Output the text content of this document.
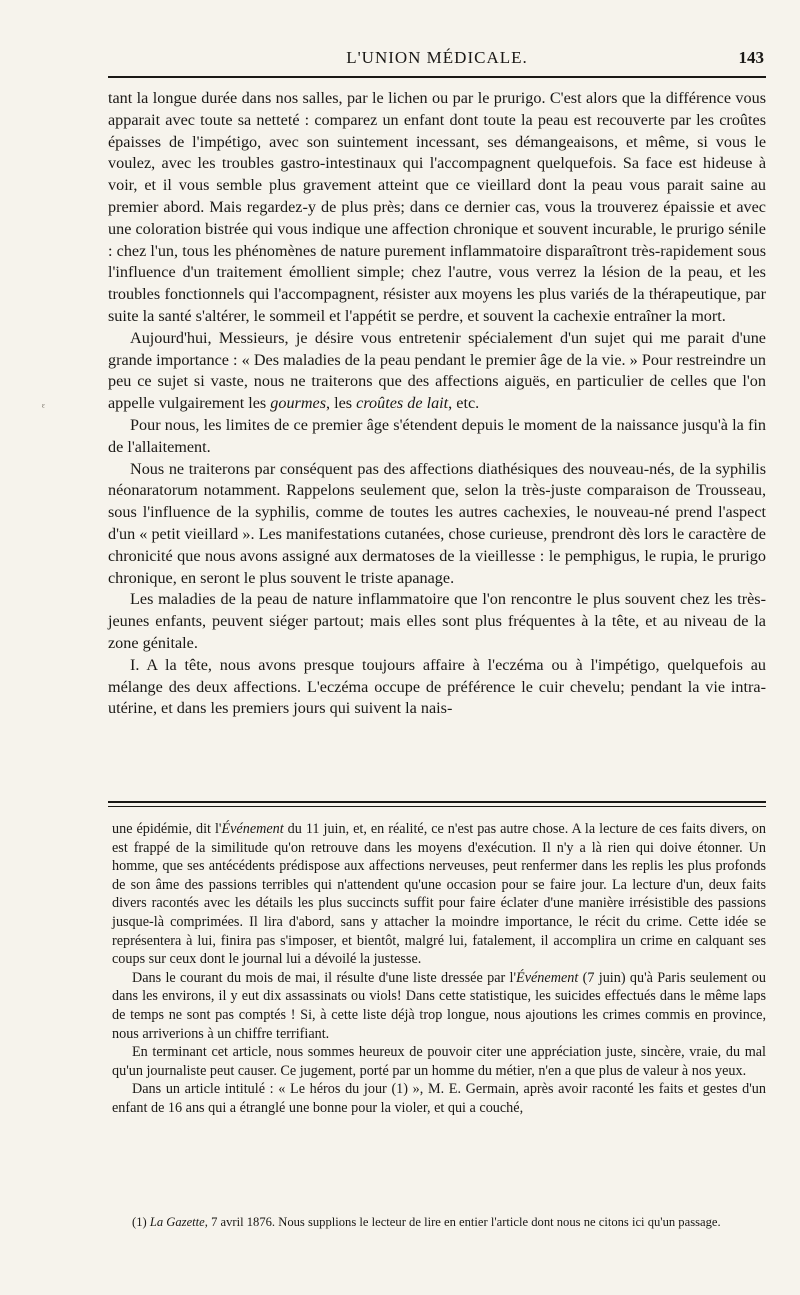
L'UNION MÉDICALE.	143
ᵋ

tant la longue durée dans nos salles, par le lichen ou par le prurigo. C'est alors que la différence vous apparait avec toute sa netteté : comparez un enfant dont toute la peau est recouverte par les croûtes épaisses de l'impétigo, avec son suintement incessant, ses démangeaisons, et même, si vous le voulez, avec les troubles gastro-intestinaux qui l'accompagnent quelquefois. Sa face est hideuse à voir, et il vous semble plus gravement atteint que ce vieillard dont la peau vous parait saine au premier abord. Mais regardez-y de plus près; dans ce dernier cas, vous la trouverez épaissie et avec une coloration bistrée qui vous indique une affection chronique et souvent incurable, le prurigo sénile : chez l'un, tous les phénomènes de nature purement inflammatoire disparaîtront très-rapidement sous l'influence d'un traitement émollient simple; chez l'autre, vous verrez la lésion de la peau, et les troubles fonctionnels qui l'accompagnent, résister aux moyens les plus variés de la thérapeutique, par suite la santé s'altérer, le sommeil et l'appétit se perdre, et souvent la cachexie entraîner la mort.

Aujourd'hui, Messieurs, je désire vous entretenir spécialement d'un sujet qui me parait d'une grande importance : « Des maladies de la peau pendant le premier âge de la vie. » Pour restreindre un peu ce sujet si vaste, nous ne traiterons que des affections aiguës, en particulier de celles que l'on appelle vulgairement les gourmes, les croûtes de lait, etc.

Pour nous, les limites de ce premier âge s'étendent depuis le moment de la naissance jusqu'à la fin de l'allaitement.

Nous ne traiterons par conséquent pas des affections diathésiques des nouveau-nés, de la syphilis néonaratorum notamment. Rappelons seulement que, selon la très-juste comparaison de Trousseau, sous l'influence de la syphilis, comme de toutes les autres cachexies, le nouveau-né prend l'aspect d'un « petit vieillard ». Les manifestations cutanées, chose curieuse, prendront dès lors le caractère de chronicité que nous avons assigné aux dermatoses de la vieillesse : le pemphigus, le rupia, le prurigo chronique, en seront le plus souvent le triste apanage.

Les maladies de la peau de nature inflammatoire que l'on rencontre le plus souvent chez les très-jeunes enfants, peuvent siéger partout; mais elles sont plus fréquentes à la tête, et au niveau de la zone génitale.

I. A la tête, nous avons presque toujours affaire à l'eczéma ou à l'impétigo, quelquefois au mélange des deux affections. L'eczéma occupe de préférence le cuir chevelu; pendant la vie intra-utérine, et dans les premiers jours qui suivent la nais-

une épidémie, dit l'Événement du 11 juin, et, en réalité, ce n'est pas autre chose. A la lecture de ces faits divers, on est frappé de la similitude qu'on retrouve dans les moyens d'exécution. Il n'y a là rien qui doive étonner. Un homme, que ses antécédents prédispose aux affections nerveuses, peut renfermer dans les replis les plus profonds de son âme des passions terribles qui n'attendent qu'une occasion pour se faire jour. La lecture d'un, deux faits divers racontés avec les détails les plus succincts suffit pour faire éclater d'une manière irrésistible des passions jusque-là comprimées. Il lira d'abord, sans y attacher la moindre importance, le récit du crime. Cette idée se représentera à lui, finira pas s'imposer, et bientôt, malgré lui, fatalement, il accomplira un crime en calquant ses coups sur ceux dont le journal lui a dévoilé la justesse.

Dans le courant du mois de mai, il résulte d'une liste dressée par l'Événement (7 juin) qu'à Paris seulement ou dans les environs, il y eut dix assassinats ou viols! Dans cette statistique, les suicides effectués dans le même laps de temps ne sont pas comptés ! Si, à cette liste déjà trop longue, nous ajoutions les crimes commis en province, nous arriverions à un chiffre terrifiant.

En terminant cet article, nous sommes heureux de pouvoir citer une appréciation juste, sincère, vraie, du mal qu'un journaliste peut causer. Ce jugement, porté par un homme du métier, n'en a que plus de valeur à nos yeux.

Dans un article intitulé : « Le héros du jour (1) », M. E. Germain, après avoir raconté les faits et gestes d'un enfant de 16 ans qui a étranglé une bonne pour la violer, et qui a couché,

(1) La Gazette, 7 avril 1876. Nous supplions le lecteur de lire en entier l'article dont nous ne citons ici qu'un passage.
